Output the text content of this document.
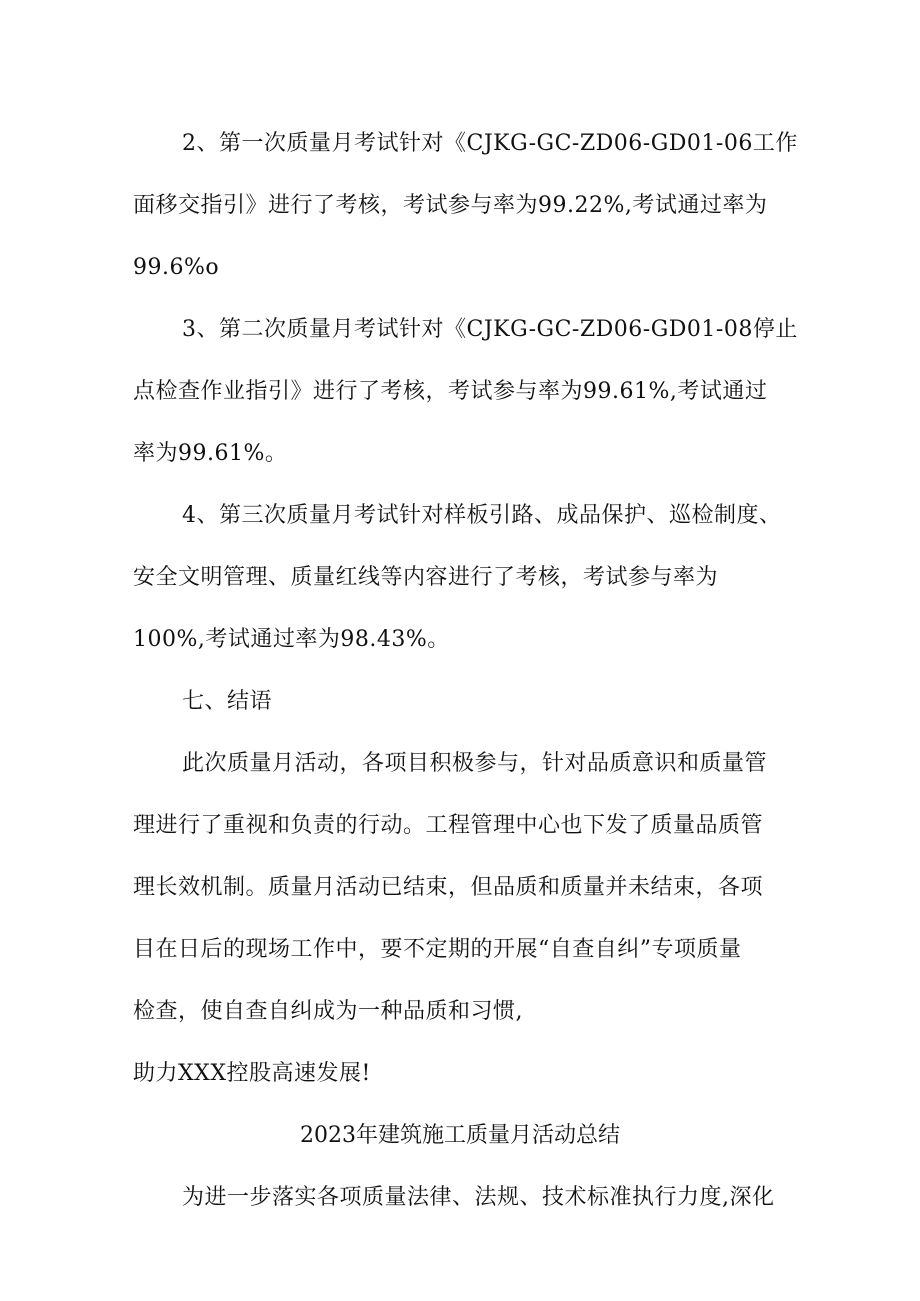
2、第一次质量月考试针对《CJKG-GC-ZD06-GD01-06工作
面移交指引》进行了考核，考试参与率为99.22%,考试通过率为
99.6%o
3、第二次质量月考试针对《CJKG-GC-ZD06-GD01-08停止
点检查作业指引》进行了考核，考试参与率为99.61%,考试通过
率为99.61%。
4、第三次质量月考试针对样板引路、成品保护、巡检制度、
安全文明管理、质量红线等内容进行了考核，考试参与率为
100%,考试通过率为98.43%。
七、结语
此次质量月活动，各项目积极参与，针对品质意识和质量管
理进行了重视和负责的行动。工程管理中心也下发了质量品质管
理长效机制。质量月活动已结束，但品质和质量并未结束，各项
目在日后的现场工作中，要不定期的开展“自查自纠”专项质量
检查，使自查自纠成为一种品质和习惯,
助力XXX控股高速发展!
2023年建筑施工质量月活动总结
为进一步落实各项质量法律、法规、技术标准执行力度,深化
